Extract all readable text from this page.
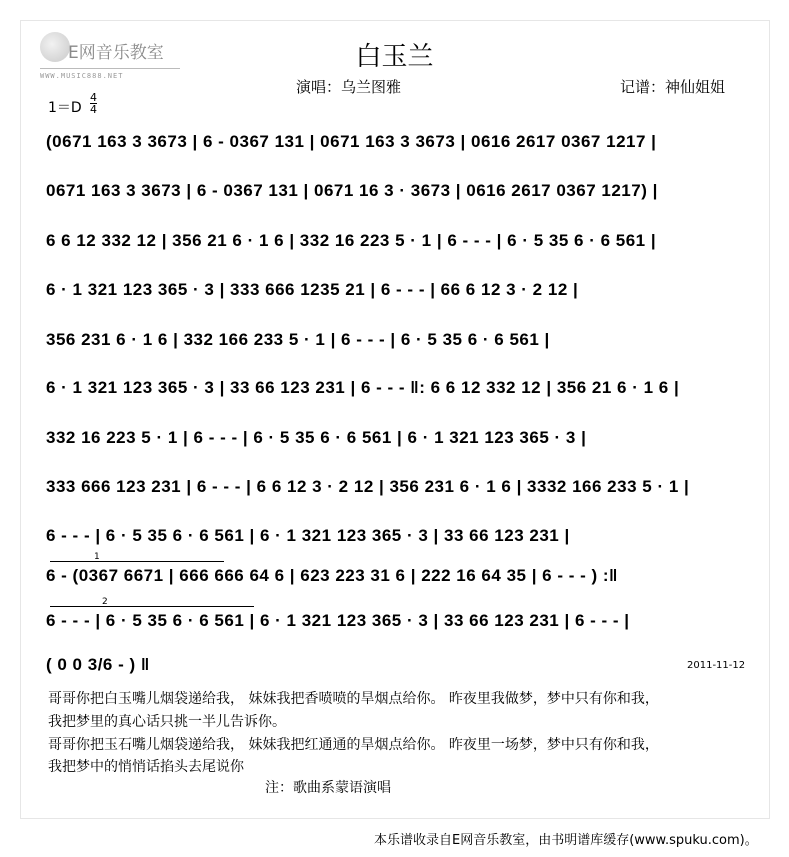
E网音乐教室
WWW.MUSIC888.NET
白玉兰
演唱：乌兰图雅	记谱：神仙姐姐
1＝D
4
4
(0671 163 3 3673 | 6 - 0367 131 | 0671 163 3 3673 | 0616 2617 0367 1217 |
0671 163 3 3673 | 6 - 0367 131 | 0671 16 3 · 3673 | 0616 2617 0367 1217) |
6 6 12 332 12 | 356 21 6 · 1 6 | 332 16 223 5 · 1 | 6 - - - | 6 · 5 35 6 · 6 561 |
6 · 1 321 123 365 · 3 | 333 666 1235 21 | 6 - - - | 66 6 12 3 · 2 12 |
356 231 6 · 1 6 | 332 166 233 5 · 1 | 6 - - - | 6 · 5 35 6 · 6 561 |
6 · 1 321 123 365 · 3 | 33 66 123 231 | 6 - - - ‖: 6 6 12 332 12 | 356 21 6 · 1 6 |
332 16 223 5 · 1 | 6 - - - | 6 · 5 35 6 · 6 561 | 6 · 1 321 123 365 · 3 |
333 666 123 231 | 6 - - - | 6 6 12 3 · 2 12 | 356 231 6 · 1 6 | 3332 166 233 5 · 1 |
6 - - - | 6 · 5 35 6 · 6 561 | 6 · 1 321 123 365 · 3 | 33 66 123 231 |
1
6 - (0367 6671 | 666 666 64 6 | 623 223 31 6 | 222 16 64 35 | 6 - - - ) :‖
2
6 - - - | 6 · 5 35 6 · 6 561 | 6 · 1 321 123 365 · 3 | 33 66 123 231 | 6 - - - |
( 0 0 3/6 - ) ‖	2011-11-12
哥哥你把白玉嘴儿烟袋递给我， 妹妹我把香喷喷的旱烟点给你。 昨夜里我做梦，梦中只有你和我，
我把梦里的真心话只挑一半儿告诉你。
哥哥你把玉石嘴儿烟袋递给我， 妹妹我把红通通的旱烟点给你。 昨夜里一场梦，梦中只有你和我，
我把梦中的悄悄话掐头去尾说你
注：歌曲系蒙语演唱
本乐谱收录自E网音乐教室，由书明谱库缓存(www.spuku.com)。
